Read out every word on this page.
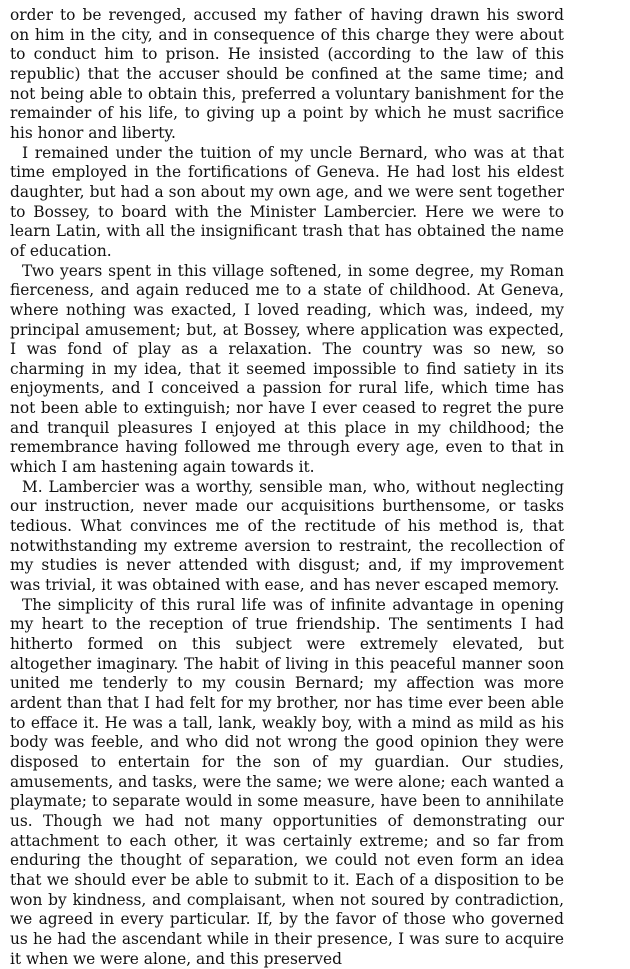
order to be revenged, accused my father of having drawn his sword on him in the city, and in consequence of this charge they were about to conduct him to prison. He insisted (according to the law of this republic) that the accuser should be confined at the same time; and not being able to obtain this, preferred a voluntary banishment for the remainder of his life, to giving up a point by which he must sacrifice his honor and liberty.

I remained under the tuition of my uncle Bernard, who was at that time employed in the fortifications of Geneva. He had lost his eldest daughter, but had a son about my own age, and we were sent together to Bossey, to board with the Minister Lambercier. Here we were to learn Latin, with all the insignificant trash that has obtained the name of education.

Two years spent in this village softened, in some degree, my Roman fierceness, and again reduced me to a state of childhood. At Geneva, where nothing was exacted, I loved reading, which was, indeed, my principal amusement; but, at Bossey, where application was expected, I was fond of play as a relaxation. The country was so new, so charming in my idea, that it seemed impossible to find satiety in its enjoyments, and I conceived a passion for rural life, which time has not been able to extinguish; nor have I ever ceased to regret the pure and tranquil pleasures I enjoyed at this place in my childhood; the remembrance having followed me through every age, even to that in which I am hastening again towards it.

M. Lambercier was a worthy, sensible man, who, without neglecting our instruction, never made our acquisitions burthensome, or tasks tedious. What convinces me of the rectitude of his method is, that notwithstanding my extreme aversion to restraint, the recollection of my studies is never attended with disgust; and, if my improvement was trivial, it was obtained with ease, and has never escaped memory.

The simplicity of this rural life was of infinite advantage in opening my heart to the reception of true friendship. The sentiments I had hitherto formed on this subject were extremely elevated, but altogether imaginary. The habit of living in this peaceful manner soon united me tenderly to my cousin Bernard; my affection was more ardent than that I had felt for my brother, nor has time ever been able to efface it. He was a tall, lank, weakly boy, with a mind as mild as his body was feeble, and who did not wrong the good opinion they were disposed to entertain for the son of my guardian. Our studies, amusements, and tasks, were the same; we were alone; each wanted a playmate; to separate would in some measure, have been to annihilate us. Though we had not many opportunities of demonstrating our attachment to each other, it was certainly extreme; and so far from enduring the thought of separation, we could not even form an idea that we should ever be able to submit to it. Each of a disposition to be won by kindness, and complaisant, when not soured by contradiction, we agreed in every particular. If, by the favor of those who governed us he had the ascendant while in their presence, I was sure to acquire it when we were alone, and this preserved
